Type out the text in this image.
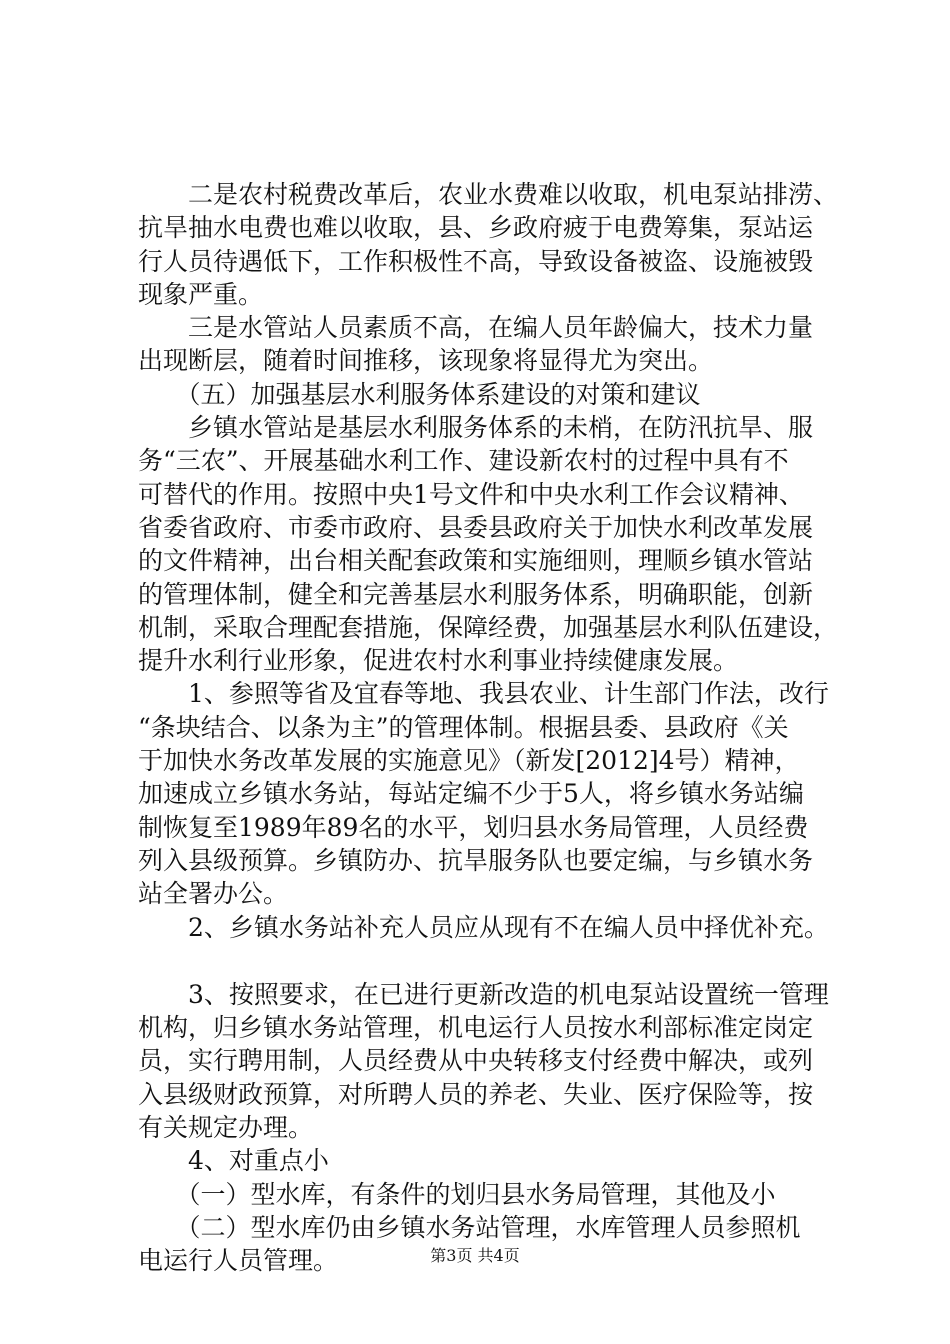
　　二是农村税费改革后，农业水费难以收取，机电泵站排涝、
抗旱抽水电费也难以收取，县、乡政府疲于电费筹集，泵站运
行人员待遇低下，工作积极性不高，导致设备被盗、设施被毁
现象严重。
　　三是水管站人员素质不高，在编人员年龄偏大，技术力量
出现断层，随着时间推移，该现象将显得尤为突出。
　　（五）加强基层水利服务体系建设的对策和建议
　　乡镇水管站是基层水利服务体系的未梢，在防汛抗旱、服
务“三农”、开展基础水利工作、建设新农村的过程中具有不
可替代的作用。按照中央1号文件和中央水利工作会议精神、
省委省政府、市委市政府、县委县政府关于加快水利改革发展
的文件精神，出台相关配套政策和实施细则，理顺乡镇水管站
的管理体制，健全和完善基层水利服务体系，明确职能，创新
机制，采取合理配套措施，保障经费，加强基层水利队伍建设，
提升水利行业形象，促进农村水利事业持续健康发展。
　　1、参照等省及宜春等地、我县农业、计生部门作法，改行
“条块结合、以条为主”的管理体制。根据县委、县政府《关
于加快水务改革发展的实施意见》（新发[2012]4号）精神，
加速成立乡镇水务站，每站定编不少于5人，将乡镇水务站编
制恢复至1989年89名的水平，划归县水务局管理，人员经费
列入县级预算。乡镇防办、抗旱服务队也要定编，与乡镇水务
站全署办公。
　　2、乡镇水务站补充人员应从现有不在编人员中择优补充。
　　3、按照要求，在已进行更新改造的机电泵站设置统一管理
机构，归乡镇水务站管理，机电运行人员按水利部标准定岗定
员，实行聘用制，人员经费从中央转移支付经费中解决，或列
入县级财政预算，对所聘人员的养老、失业、医疗保险等，按
有关规定办理。
　　4、对重点小
　　（一）型水库，有条件的划归县水务局管理，其他及小
　　（二）型水库仍由乡镇水务站管理，水库管理人员参照机
电运行人员管理。	第3页 共4页
